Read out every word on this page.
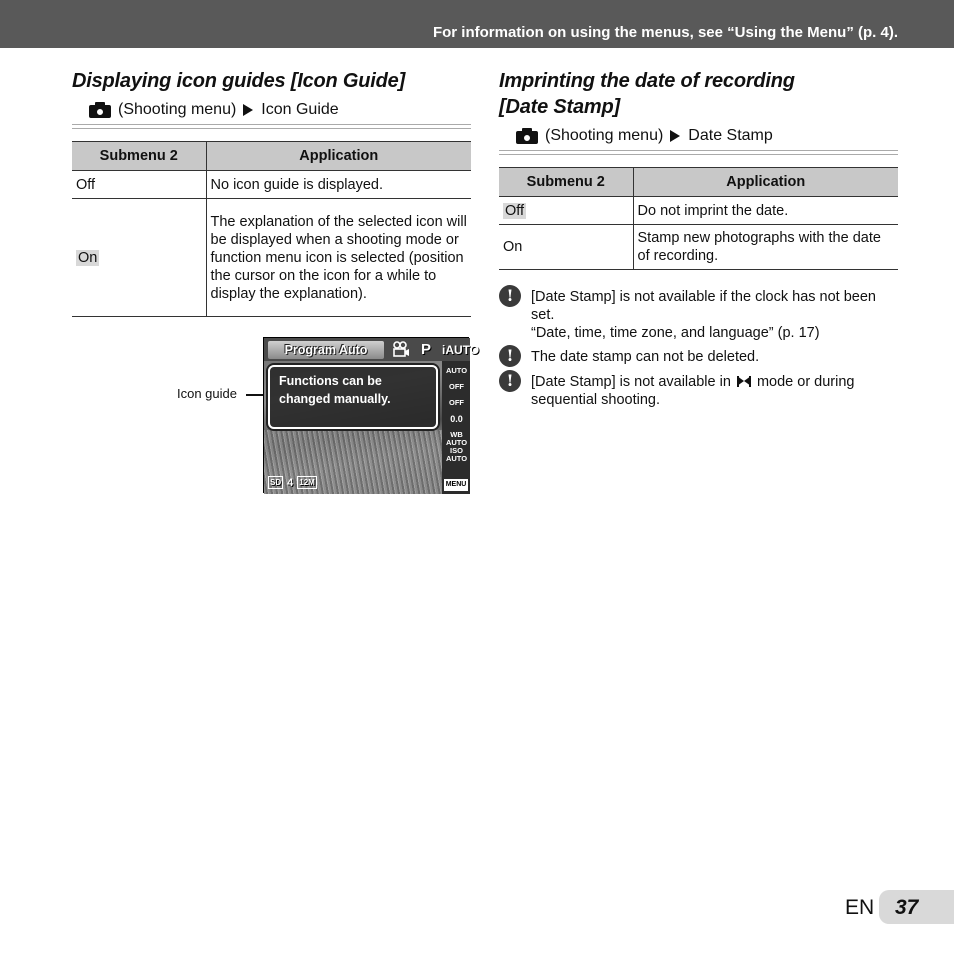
For information on using the menus, see “Using the Menu” (p. 4).
Displaying icon guides [Icon Guide]
(Shooting menu) Icon Guide
Submenu 2	Application
Off	No icon guide is displayed.
On	The explanation of the selected icon will be displayed when a shooting mode or function menu icon is selected (position the cursor on the icon for a while to display the explanation).
Icon guide
Program Auto	P iAUTO
Functions can be changed manually.
AUTO
OFF
OFF
0.0
WB AUTO
ISO AUTO
MENU
SD 4 12M
Imprinting the date of recording [Date Stamp]
(Shooting menu) Date Stamp
Submenu 2	Application
Off	Do not imprint the date.
On	Stamp new photographs with the date of recording.
!	[Date Stamp] is not available if the clock has not been set.
“Date, time, time zone, and language” (p. 17)
!	The date stamp can not be deleted.
!	[Date Stamp] is not available in mode or during sequential shooting.
EN 37
